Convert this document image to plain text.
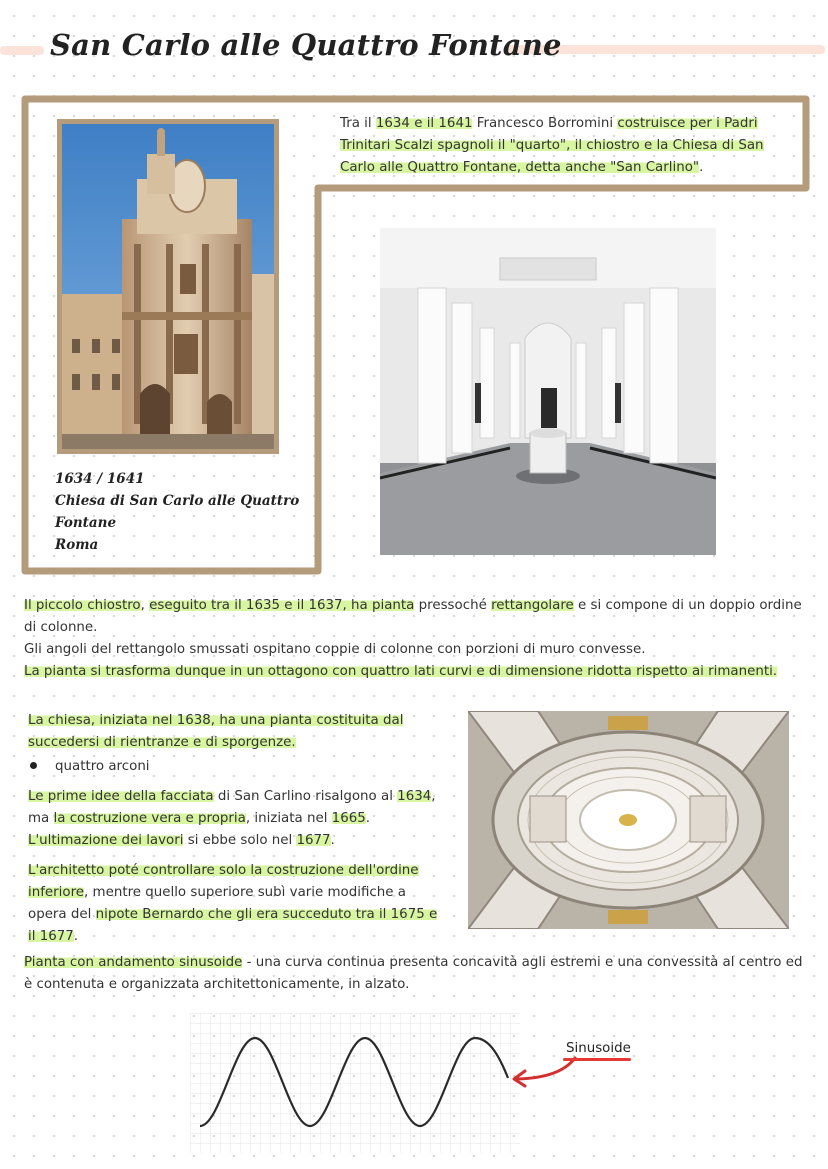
San Carlo alle Quattro Fontane
Tra il 1634 e il 1641 Francesco Borromini costruisce per i Padri Trinitari Scalzi spagnoli il "quarto", il chiostro e la Chiesa di San Carlo alle Quattro Fontane, detta anche "San Carlino".
1634 / 1641
Chiesa di San Carlo alle Quattro
Fontane
Roma
Il piccolo chiostro, eseguito tra il 1635 e il 1637, ha pianta pressoché rettangolare e si compone di un doppio ordine di colonne.
Gli angoli del rettangolo smussati ospitano coppie di colonne con porzioni di muro convesse.
La pianta si trasforma dunque in un ottagono con quattro lati curvi e di dimensione ridotta rispetto ai rimanenti.
La chiesa, iniziata nel 1638, ha una pianta costituita dal succedersi di rientranze e di sporgenze.
quattro arconi
Le prime idee della facciata di San Carlino risalgono al 1634, ma la costruzione vera e propria, iniziata nel 1665. L'ultimazione dei lavori si ebbe solo nel 1677.
L'architetto poté controllare solo la costruzione dell'ordine inferiore, mentre quello superiore subì varie modifiche a opera del nipote Bernardo che gli era succeduto tra il 1675 e il 1677.
Pianta con andamento sinusoide - una curva continua presenta concavità agli estremi e una convessità al centro ed è contenuta e organizzata architettonicamente, in alzato.
Sinusoide
